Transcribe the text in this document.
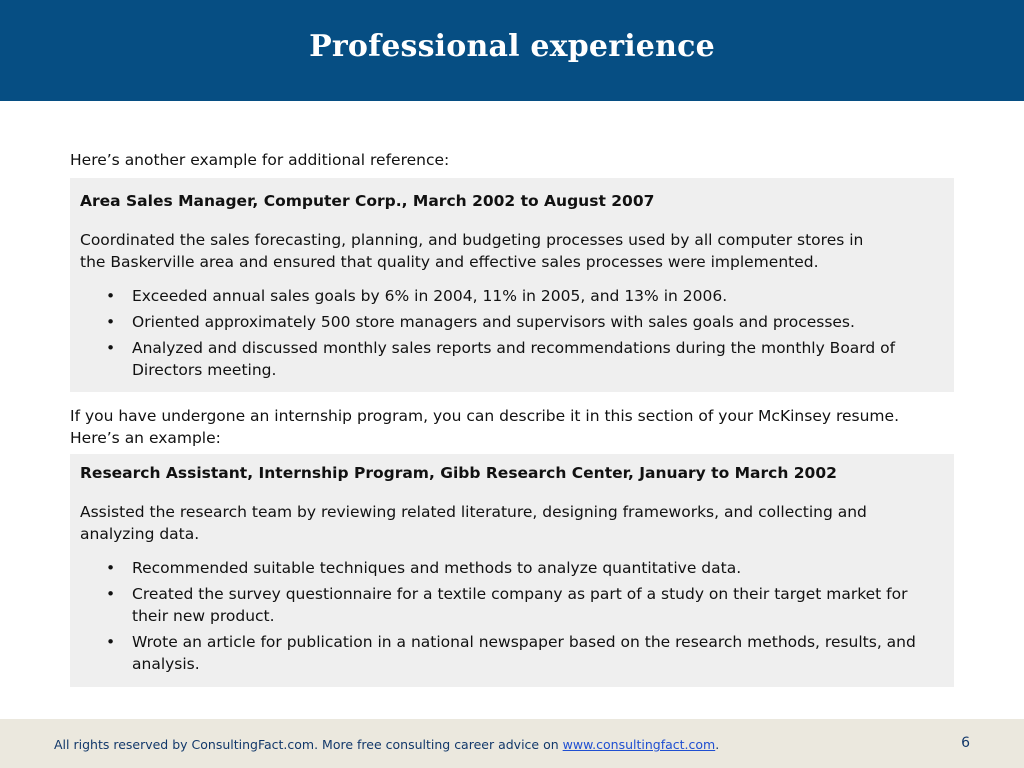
Professional experience
Here’s another example for additional reference:
Area Sales Manager, Computer Corp., March 2002 to August 2007
Coordinated the sales forecasting, planning, and budgeting processes used by all computer stores in
the Baskerville area and ensured that quality and effective sales processes were implemented.
• Exceeded annual sales goals by 6% in 2004, 11% in 2005, and 13% in 2006.
• Oriented approximately 500 store managers and supervisors with sales goals and processes.
• Analyzed and discussed monthly sales reports and recommendations during the monthly Board of Directors meeting.
If you have undergone an internship program, you can describe it in this section of your McKinsey resume.
Here’s an example:
Research Assistant, Internship Program, Gibb Research Center, January to March 2002
Assisted the research team by reviewing related literature, designing frameworks, and collecting and
analyzing data.
• Recommended suitable techniques and methods to analyze quantitative data.
• Created the survey questionnaire for a textile company as part of a study on their target market for their new product.
• Wrote an article for publication in a national newspaper based on the research methods, results, and analysis.
All rights reserved by ConsultingFact.com. More free consulting career advice on www.consultingfact.com.	6
